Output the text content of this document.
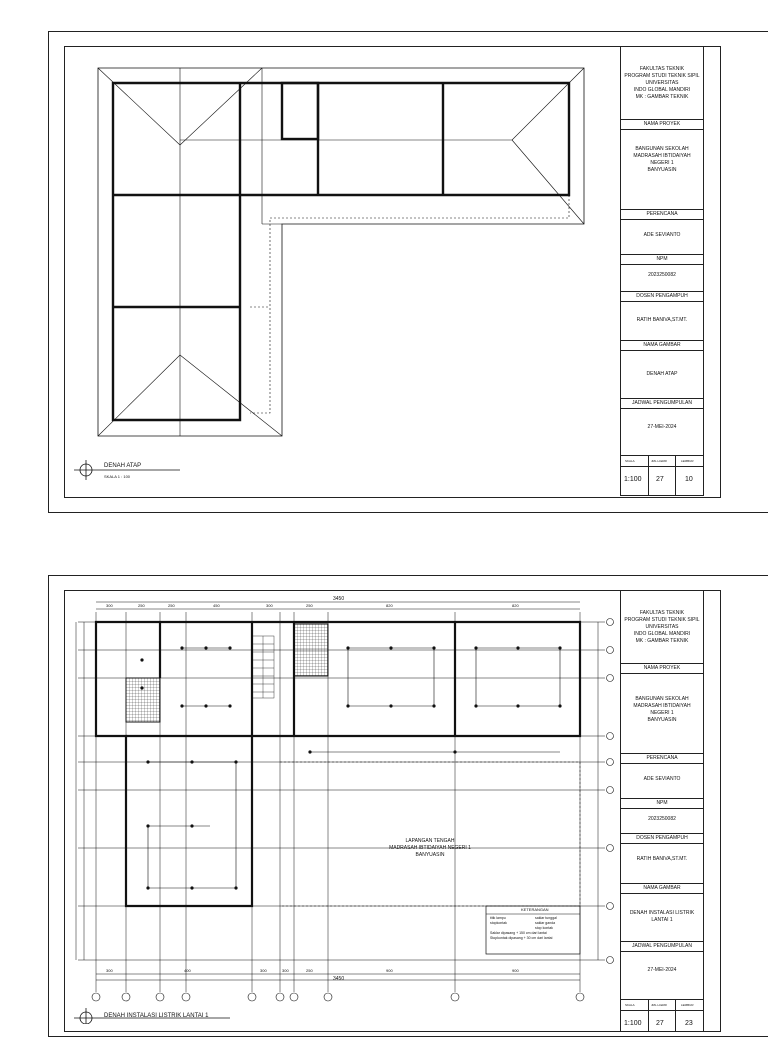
DENAH ATAP
SKALA 1 : 100
FAKULTAS TEKNIK
PROGRAM STUDI TEKNIK SIPIL
UNIVERSITAS
INDO GLOBAL MANDIRI
MK : GAMBAR TEKNIK
NAMA PROYEK
BANGUNAN SEKOLAH
MADRASAH IBTIDAIYAH
NEGERI 1
BANYUASIN
PERENCANA
ADE SEVIANTO
NPM
2023250082
DOSEN PENGAMPUH
RATIH BANIVA,ST.MT.
NAMA GAMBAR
DENAH ATAP
JADWAL PENGUMPULAN
27-MEI-2024
SKALA
1:100
JML.H.ERR
27
LEMBUR
10
3450
3450
300	250	250	450	300	250	820	820
300	400	300	300	250	900	900
LAPANGAN TENGAH
MADRASAH IBTIDAIYAH NEGERI 1
BANYUASIN
KETERANGAN
titik lampu
stopkontak
saklar tunggal
saklar ganda
stop kontak
Saklar dipasang + 150 cm dari lantai
Stopkontak dipasang + 30 cm dari lantai
DENAH INSTALASI LISTRIK LANTAI 1
FAKULTAS TEKNIK
PROGRAM STUDI TEKNIK SIPIL
UNIVERSITAS
INDO GLOBAL MANDIRI
MK : GAMBAR TEKNIK
NAMA PROYEK
BANGUNAN SEKOLAH
MADRASAH IBTIDAIYAH
NEGERI 1
BANYUASIN
PERENCANA
ADE SEVIANTO
NPM
2023250082
DOSEN PENGAMPUH
RATIH BANIVA,ST.MT.
NAMA GAMBAR
DENAH INSTALASI LISTRIK LANTAI 1
JADWAL PENGUMPULAN
27-MEI-2024
SKALA
1:100
JML.H.ERR
27
LEMBUR
23
